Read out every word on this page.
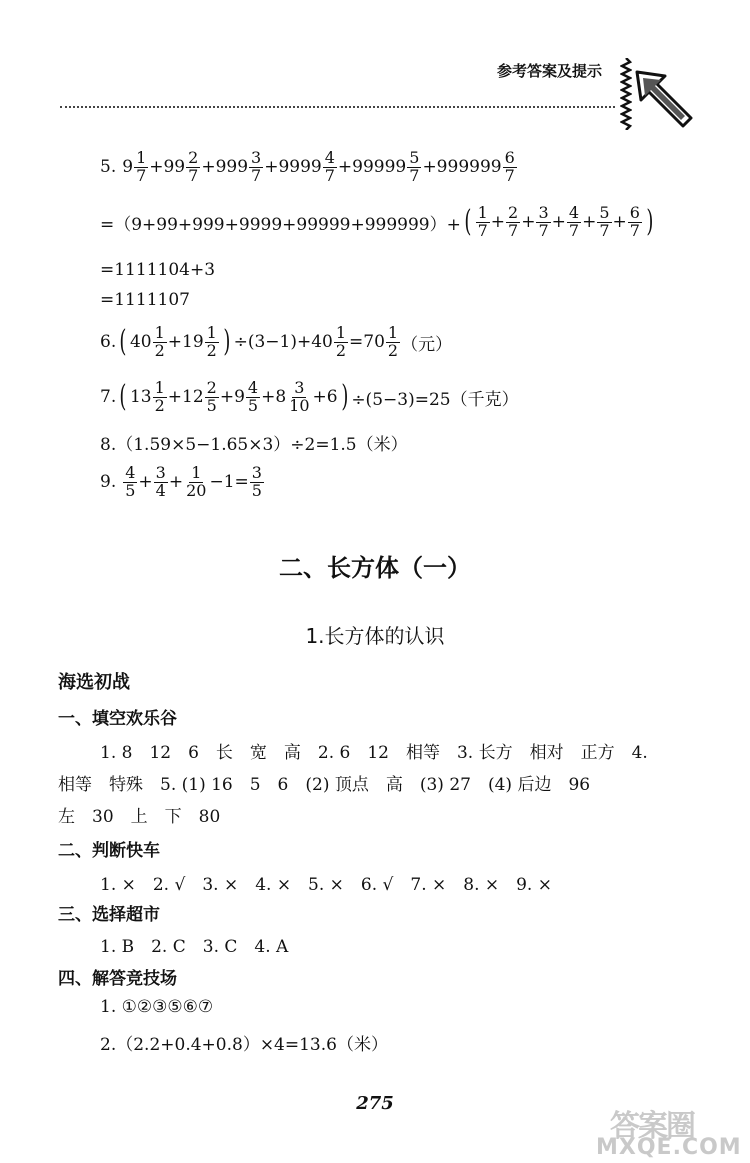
参考答案及提示
5. $9 \frac{1}{7} +99 \frac{2}{7} +999 \frac{3}{7} +9999 \frac{4}{7} +99999 \frac{5}{7} +999999 \frac{6}{7}$
=（9+99+999+9999+99999+999999）+ ( $\frac{1}{7} + \frac{2}{7} + \frac{3}{7} + \frac{4}{7} + \frac{5}{7} + \frac{6}{7}$ )
=1111104+3
=1111107
6. ( $40 \frac{1}{2} +19 \frac{1}{2}$ ) $\div(3-1)+40 \frac{1}{2} =70 \frac{1}{2}$ （元）
7. ( $13 \frac{1}{2} +12 \frac{2}{5} +9 \frac{4}{5} +8 \frac{3}{10} +6$ ) ÷(5−3)=25（千克）
8.（1.59×5−1.65×3）÷2=1.5（米）
9. $\frac{4}{5} + \frac{3}{4} + \frac{1}{20} -1= \frac{3}{5}$
二、长方体（一）
1.长方体的认识
海选初战
一、填空欢乐谷
1. 8　12　6　长　宽　高　2. 6　12　相等　3. 长方　相对　正方　4.
相等　特殊　5. (1) 16　5　6　(2) 顶点　高　(3) 27　(4) 后边　96
左　30　上　下　80
二、判断快车
1. ×　2. √　3. ×　4. ×　5. ×　6. √　7. ×　8. ×　9. ×
三、选择超市
1. B　2. C　3. C　4. A
四、解答竞技场
1. ①②③⑤⑥⑦
2.（2.2+0.4+0.8）×4=13.6（米）
275
答案圈
MXQE.COM
